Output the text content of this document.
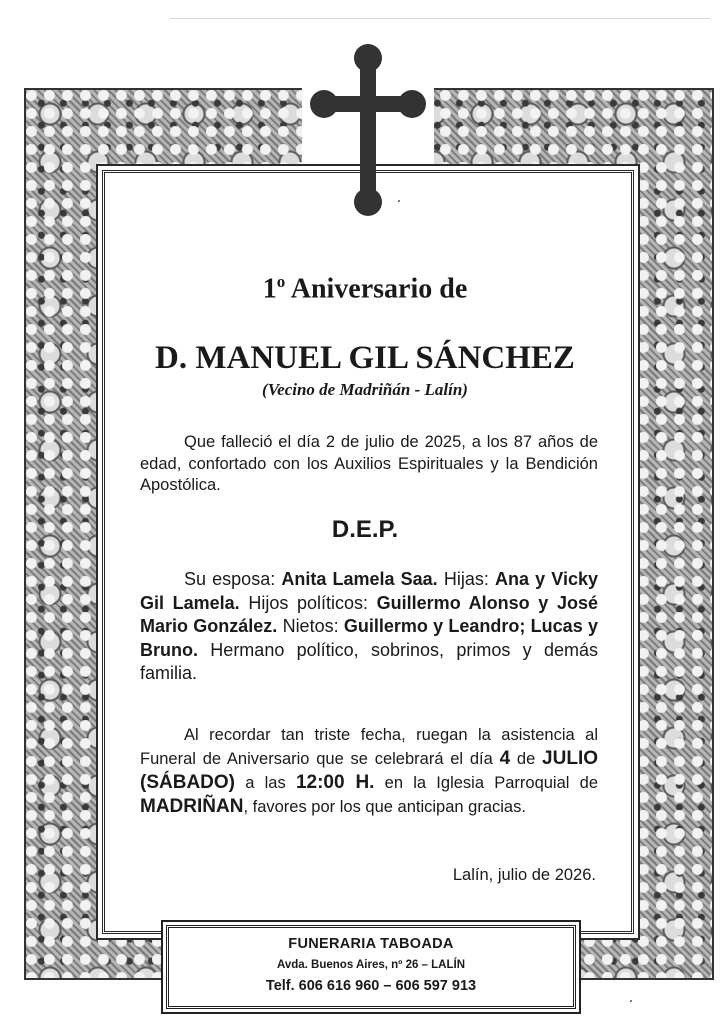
1$^o$ Aniversario de
D. MANUEL GIL SÁNCHEZ
(Vecino de Madriñán - Lalín)
Que falleció el día 2 de julio de 2025, a los 87 años de edad, confortado con los Auxilios Espirituales y la Bendición Apostólica.
D.E.P.
Su esposa: Anita Lamela Saa. Hijas: Ana y Vicky Gil Lamela. Hijos políticos: Guillermo Alonso y José Mario González. Nietos: Guillermo y Leandro; Lucas y Bruno. Hermano político, sobrinos, primos y demás familia.
Al recordar tan triste fecha, ruegan la asistencia al Funeral de Aniversario que se celebrará el día 4 de JULIO (SÁBADO) a las 12:00 H. en la Iglesia Parroquial de MADRIÑAN, favores por los que anticipan gracias.
Lalín, julio de 2026.
FUNERARIA TABOADA
Avda. Buenos Aires, nº 26 – LALÍN
Telf. 606 616 960 – 606 597 913
